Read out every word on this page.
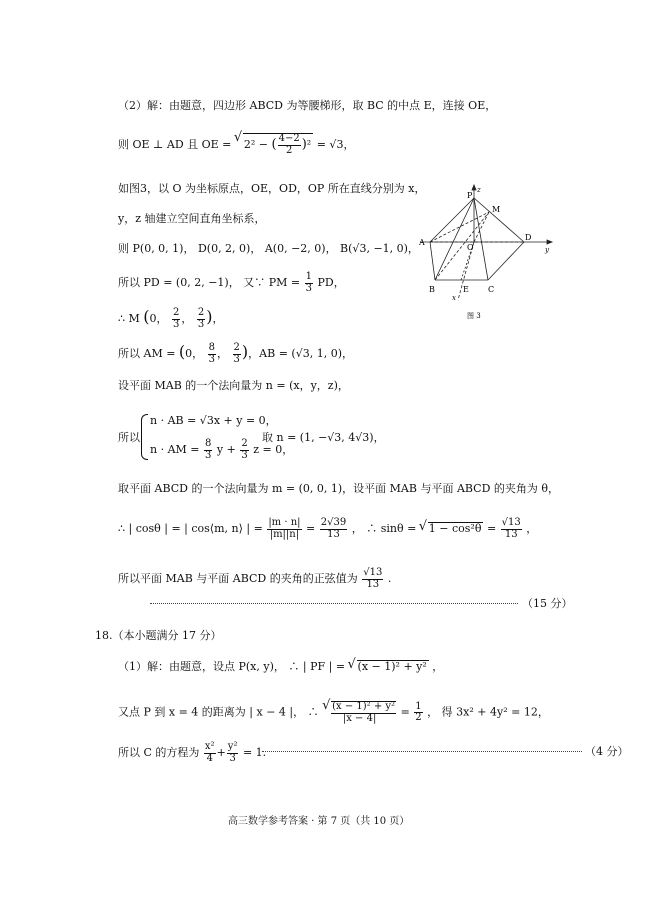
（2）解：由题意，四边形 ABCD 为等腰梯形，取 BC 的中点 E，连接 OE，
则 OE ⊥ AD 且 OE = √ 2² − ( $\frac{4-2}{2} )^2 = √3$，
如图3，以 O 为坐标原点，OE，OD，OP 所在直线分别为 x，
y，z 轴建立空间直角坐标系，
则 P(0, 0, 1)， D(0, 2, 0)， A(0, −2, 0)， B(√3, −1, 0)，
所以 PD = (0, 2, −1)， 又∵ PM = $\frac{1}{3}$ PD，
∴ M (0， $\frac{2}{3}$ ， $\frac{2}{3}$ )，
所以 AM = (0， $\frac{8}{3}$ ， $\frac{2}{3}$ )，AB = (√3, 1, 0)，
设平面 MAB 的一个法向量为 n = (x，y，z)，
所以
n · AB = √3x + y = 0，
n · AM = $\frac{8}{3}$ $y + \frac{2}{3}$ z = 0，
取 n = (1, −√3, 4√3)，
取平面 ABCD 的一个法向量为 m = (0, 0, 1)，设平面 MAB 与平面 ABCD 的夹角为 θ，
∴ | cosθ | = | cos⟨m, n⟩ | = $\frac{|m \cdot n|}{|m||n|} = \frac{2√39}{13}$ ， ∴ sinθ = √ $1 - \cos^2\theta = \frac{√13}{13}$ ，
所以平面 MAB 与平面 ABCD 的夹角的正弦值为 $\frac{√13}{13}$ .
（15 分）
18.（本小题满分 17 分）
（1）解：由题意，设点 P(x, y)， ∴ | PF | = √ (x − 1)² + y² ，
又点 P 到 x = 4 的距离为 | x − 4 |， ∴ √ $\frac{\text{(x − 1)² + y²}}{|x - 4|} = \frac{1}{2}$ ， 得 3x² + 4y² = 12，
所以 C 的方程为 $\frac{\text{x²}}{4} + \frac{\text{y²}}{3} = 1$.	（4 分）
P
z
M
A
O
D
y
B	E C
x
图 3
高三数学参考答案 · 第 7 页（共 10 页）
